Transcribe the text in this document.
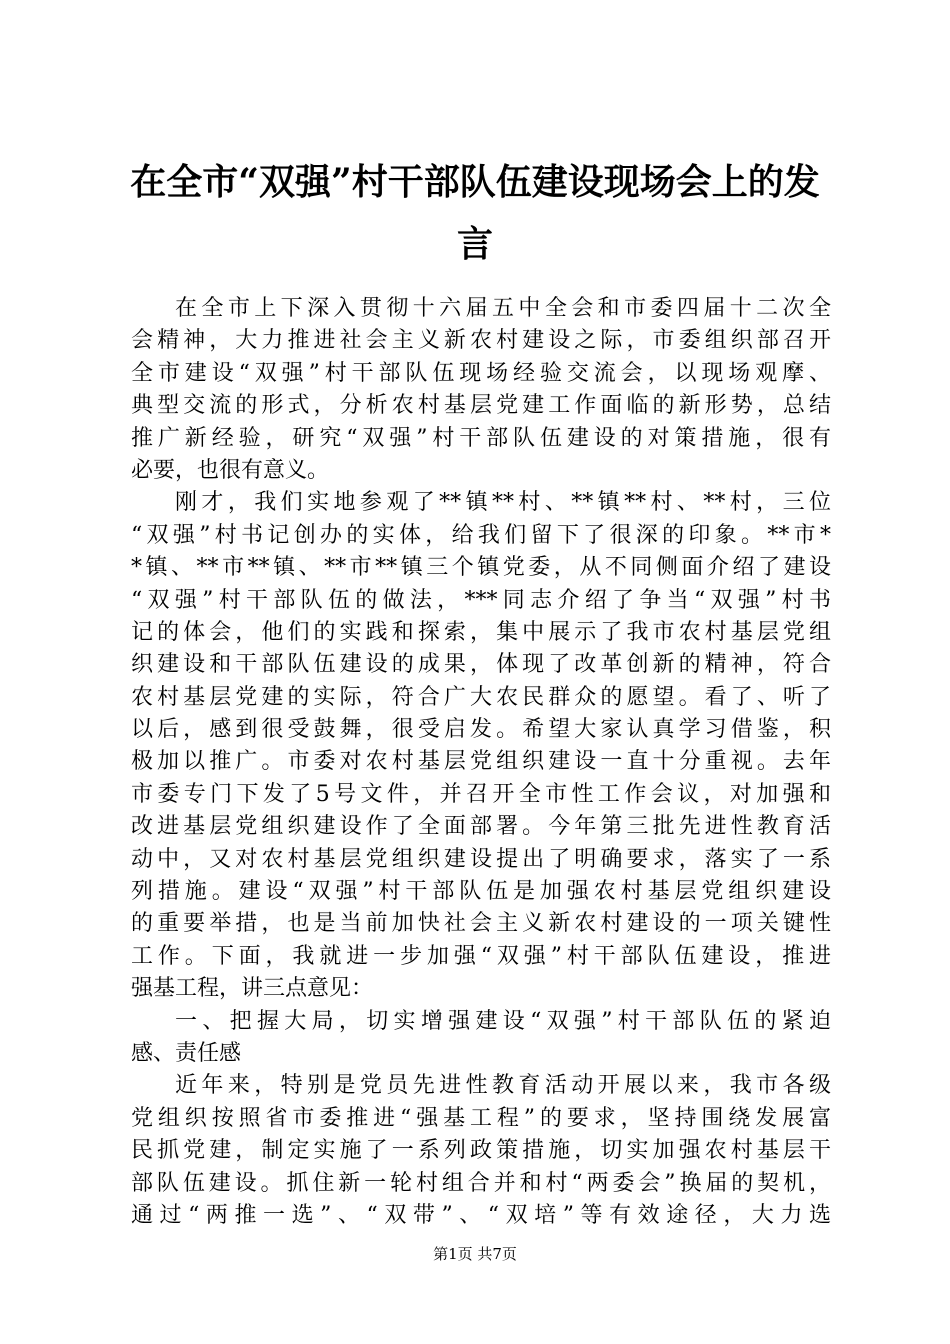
在全市“双强”村干部队伍建设现场会上的发
言
在全市上下深入贯彻十六届五中全会和市委四届十二次全
会精神，大力推进社会主义新农村建设之际，市委组织部召开
全市建设“双强”村干部队伍现场经验交流会，以现场观摩、
典型交流的形式，分析农村基层党建工作面临的新形势，总结
推广新经验，研究“双强”村干部队伍建设的对策措施，很有
必要，也很有意义。
刚才，我们实地参观了**镇**村、**镇**村、**村，三位
“双强”村书记创办的实体，给我们留下了很深的印象。**市*
*镇、**市**镇、**市**镇三个镇党委，从不同侧面介绍了建设
“双强”村干部队伍的做法，***同志介绍了争当“双强”村书
记的体会，他们的实践和探索，集中展示了我市农村基层党组
织建设和干部队伍建设的成果，体现了改革创新的精神，符合
农村基层党建的实际，符合广大农民群众的愿望。看了、听了
以后，感到很受鼓舞，很受启发。希望大家认真学习借鉴，积
极加以推广。市委对农村基层党组织建设一直十分重视。去年
市委专门下发了5号文件，并召开全市性工作会议，对加强和
改进基层党组织建设作了全面部署。今年第三批先进性教育活
动中，又对农村基层党组织建设提出了明确要求，落实了一系
列措施。建设“双强”村干部队伍是加强农村基层党组织建设
的重要举措，也是当前加快社会主义新农村建设的一项关键性
工作。下面，我就进一步加强“双强”村干部队伍建设，推进
强基工程，讲三点意见：
一、把握大局，切实增强建设“双强”村干部队伍的紧迫
感、责任感
近年来，特别是党员先进性教育活动开展以来，我市各级
党组织按照省市委推进“强基工程”的要求，坚持围绕发展富
民抓党建，制定实施了一系列政策措施，切实加强农村基层干
部队伍建设。抓住新一轮村组合并和村“两委会”换届的契机，
通过“两推一选”、“双带”、“双培”等有效途径，大力选
第1页 共7页
